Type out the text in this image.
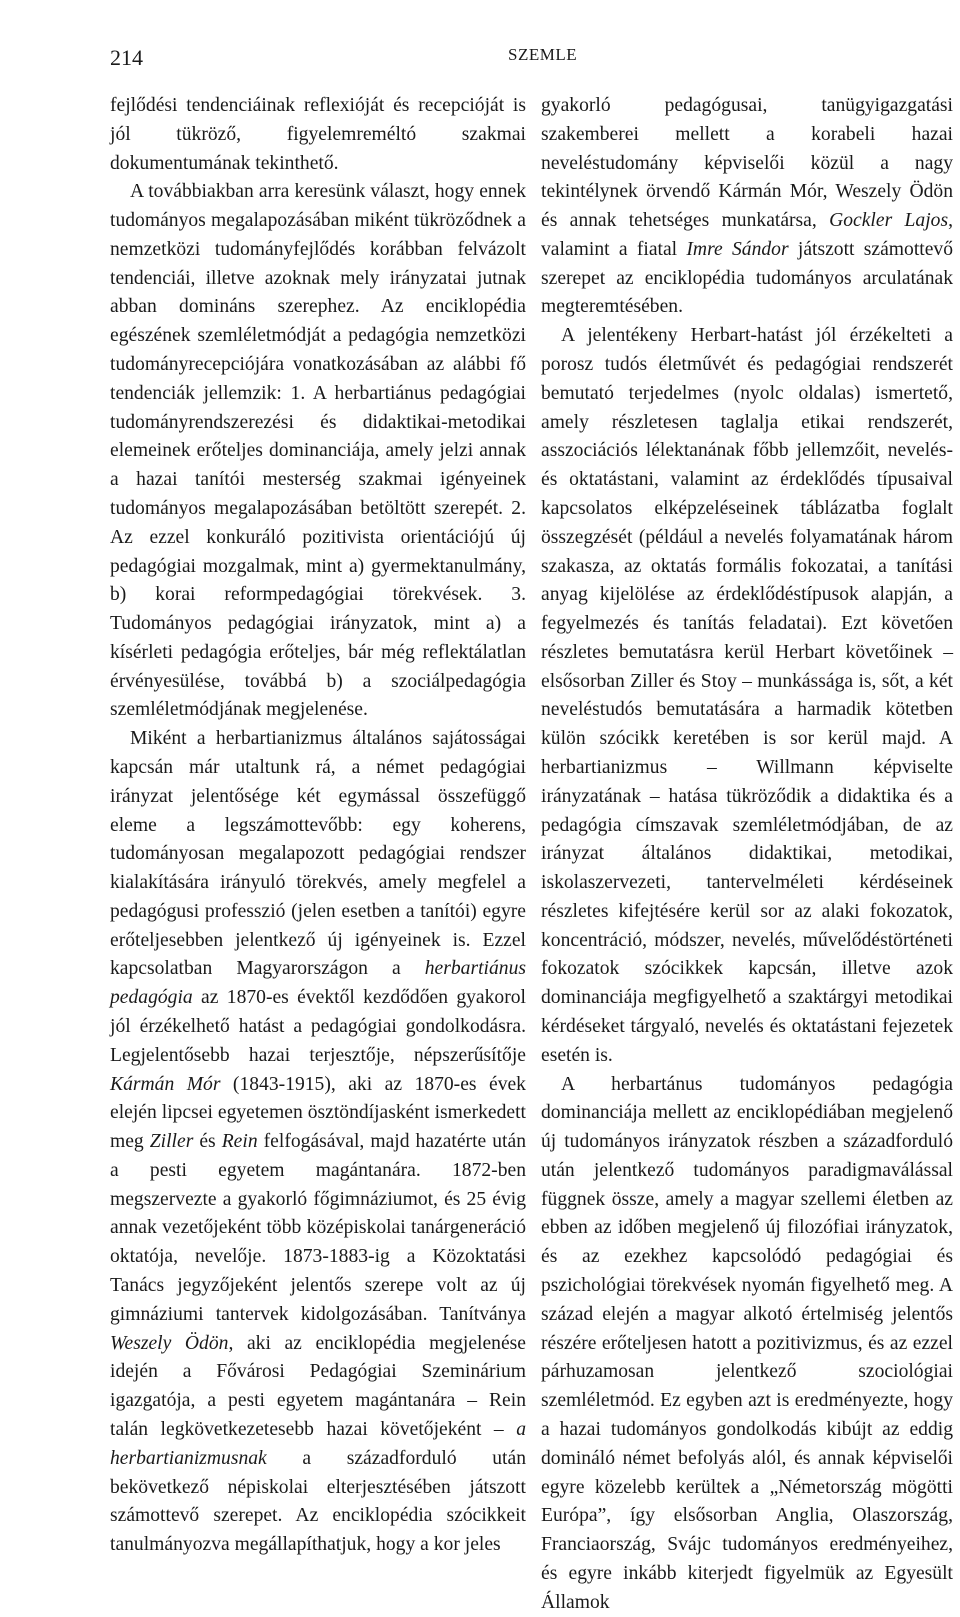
214	SZEMLE

fejlődési tendenciáinak reflexióját és recepcióját is jól tükröző, figyelemreméltó szakmai dokumentumának tekinthető.

A továbbiakban arra keresünk választ, hogy ennek tudományos megalapozásában miként tükröződnek a nemzetközi tudományfejlődés korábban felvázolt tendenciái, illetve azoknak mely irányzatai jutnak abban domináns szerephez. Az enciklopédia egészének szemléletmódját a pedagógia nemzetközi tudományrecepciójára vonatkozásában az alábbi fő tendenciák jellemzik: 1. A herbartiánus pedagógiai tudományrendszerezési és didaktikai-metodikai elemeinek erőteljes dominanciája, amely jelzi annak a hazai tanítói mesterség szakmai igényeinek tudományos megalapozásában betöltött szerepét. 2. Az ezzel konkuráló pozitivista orientációjú új pedagógiai mozgalmak, mint a) gyermektanulmány, b) korai reformpedagógiai törekvések. 3. Tudományos pedagógiai irányzatok, mint a) a kísérleti pedagógia erőteljes, bár még reflektálatlan érvényesülése, továbbá b) a szociálpedagógia szemléletmódjának megjelenése.

Miként a herbartianizmus általános sajátosságai kapcsán már utaltunk rá, a német pedagógiai irányzat jelentősége két egymással összefüggő eleme a legszámottevőbb: egy koherens, tudományosan megalapozott pedagógiai rendszer kialakítására irányuló törekvés, amely megfelel a pedagógusi professzió (jelen esetben a tanítói) egyre erőteljesebben jelentkező új igényeinek is. Ezzel kapcsolatban Magyarországon a herbartiánus pedagógia az 1870-es évektől kezdődően gyakorol jól érzékelhető hatást a pedagógiai gondolkodásra. Legjelentősebb hazai terjesztője, népszerűsítője Kármán Mór (1843-1915), aki az 1870-es évek elején lipcsei egyetemen ösztöndíjasként ismerkedett meg Ziller és Rein felfogásával, majd hazatérte után a pesti egyetem magántanára. 1872-ben megszervezte a gyakorló főgimnáziumot, és 25 évig annak vezetőjeként több középiskolai tanárgeneráció oktatója, nevelője. 1873-1883-ig a Közoktatási Tanács jegyzőjeként jelentős szerepe volt az új gimnáziumi tantervek kidolgozásában. Tanítványa Weszely Ödön, aki az enciklopédia megjelenése idején a Fővárosi Pedagógiai Szeminárium igazgatója, a pesti egyetem magántanára – Rein talán legkövetkezetesebb hazai követőjeként – a herbartianizmusnak a századforduló után bekövetkező népiskolai elterjesztésében játszott számottevő szerepet. Az enciklopédia szócikkeit tanulmányozva megállapíthatjuk, hogy a kor jeles

gyakorló pedagógusai, tanügyigazgatási szakemberei mellett a korabeli hazai neveléstudomány képviselői közül a nagy tekintélynek örvendő Kármán Mór, Weszely Ödön és annak tehetséges munkatársa, Gockler Lajos, valamint a fiatal Imre Sándor játszott számottevő szerepet az enciklopédia tudományos arculatának megteremtésében.

A jelentékeny Herbart-hatást jól érzékelteti a porosz tudós életművét és pedagógiai rendszerét bemutató terjedelmes (nyolc oldalas) ismertető, amely részletesen taglalja etikai rendszerét, asszociációs lélektanának főbb jellemzőit, nevelés- és oktatástani, valamint az érdeklődés típusaival kapcsolatos elképzeléseinek táblázatba foglalt összegzését (például a nevelés folyamatának három szakasza, az oktatás formális fokozatai, a tanítási anyag kijelölése az érdeklődéstípusok alapján, a fegyelmezés és tanítás feladatai). Ezt követően részletes bemutatásra kerül Herbart követőinek – elsősorban Ziller és Stoy – munkássága is, sőt, a két neveléstudós bemutatására a harmadik kötetben külön szócikk keretében is sor kerül majd. A herbartianizmus – Willmann képviselte irányzatának – hatása tükröződik a didaktika és a pedagógia címszavak szemléletmódjában, de az irányzat általános didaktikai, metodikai, iskolaszervezeti, tantervelméleti kérdéseinek részletes kifejtésére kerül sor az alaki fokozatok, koncentráció, módszer, nevelés, művelődéstörténeti fokozatok szócikkek kapcsán, illetve azok dominanciája megfigyelhető a szaktárgyi metodikai kérdéseket tárgyaló, nevelés és oktatástani fejezetek esetén is.

A herbartánus tudományos pedagógia dominanciája mellett az enciklopédiában megjelenő új tudományos irányzatok részben a századforduló után jelentkező tudományos paradigmaválással függnek össze, amely a magyar szellemi életben az ebben az időben megjelenő új filozófiai irányzatok, és az ezekhez kapcsolódó pedagógiai és pszichológiai törekvések nyomán figyelhető meg. A század elején a magyar alkotó értelmiség jelentős részére erőteljesen hatott a pozitivizmus, és az ezzel párhuzamosan jelentkező szociológiai szemléletmód. Ez egyben azt is eredményezte, hogy a hazai tudományos gondolkodás kibújt az eddig domináló német befolyás alól, és annak képviselői egyre közelebb kerültek a „Németország mögötti Európa”, így elsősorban Anglia, Olaszország, Franciaország, Svájc tudományos eredményeihez, és egyre inkább kiterjedt figyelmük az Egyesült Államok
